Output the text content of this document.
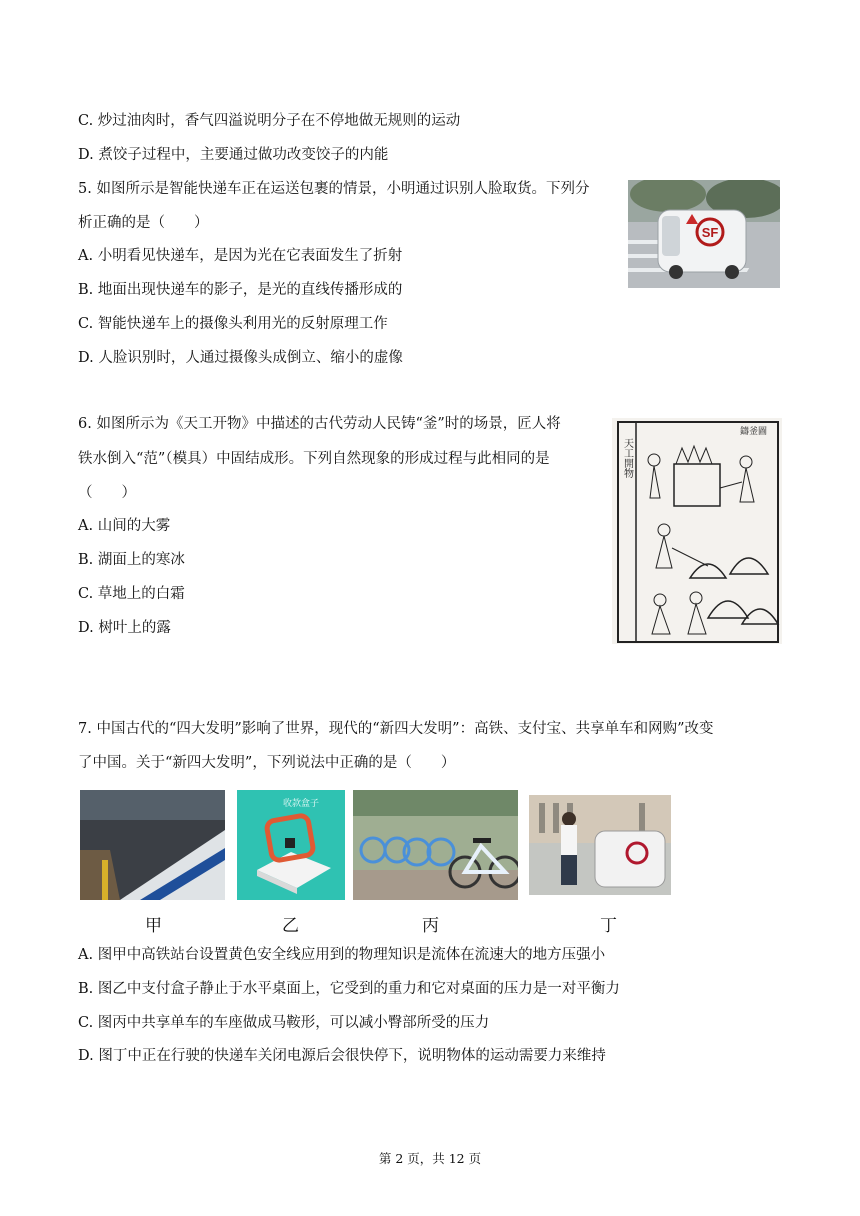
C. 炒过油肉时，香气四溢说明分子在不停地做无规则的运动
D. 煮饺子过程中，主要通过做功改变饺子的内能
5. 如图所示是智能快递车正在运送包裹的情景，小明通过识别人脸取货。下列分
析正确的是（　　）
A. 小明看见快递车，是因为光在它表面发生了折射
B. 地面出现快递车的影子，是光的直线传播形成的
C. 智能快递车上的摄像头利用光的反射原理工作
D. 人脸识别时，人通过摄像头成倒立、缩小的虚像
SF
6. 如图所示为《天工开物》中描述的古代劳动人民铸“釜”时的场景，匠人将
铁水倒入“范”（模具）中固结成形。下列自然现象的形成过程与此相同的是
（　　）
A. 山间的大雾
B. 湖面上的寒冰
C. 草地上的白霜
D. 树叶上的露
天工開物
鑄釜圖
7. 中国古代的“四大发明”影响了世界，现代的“新四大发明”：高铁、支付宝、共享单车和网购”改变
了中国。关于“新四大发明”，下列说法中正确的是（　　）
收款盒子
甲	乙	丙	丁
A. 图甲中高铁站台设置黄色安全线应用到的物理知识是流体在流速大的地方压强小
B. 图乙中支付盒子静止于水平桌面上，它受到的重力和它对桌面的压力是一对平衡力
C. 图丙中共享单车的车座做成马鞍形，可以减小臀部所受的压力
D. 图丁中正在行驶的快递车关闭电源后会很快停下，说明物体的运动需要力来维持
第 2 页，共 12 页
